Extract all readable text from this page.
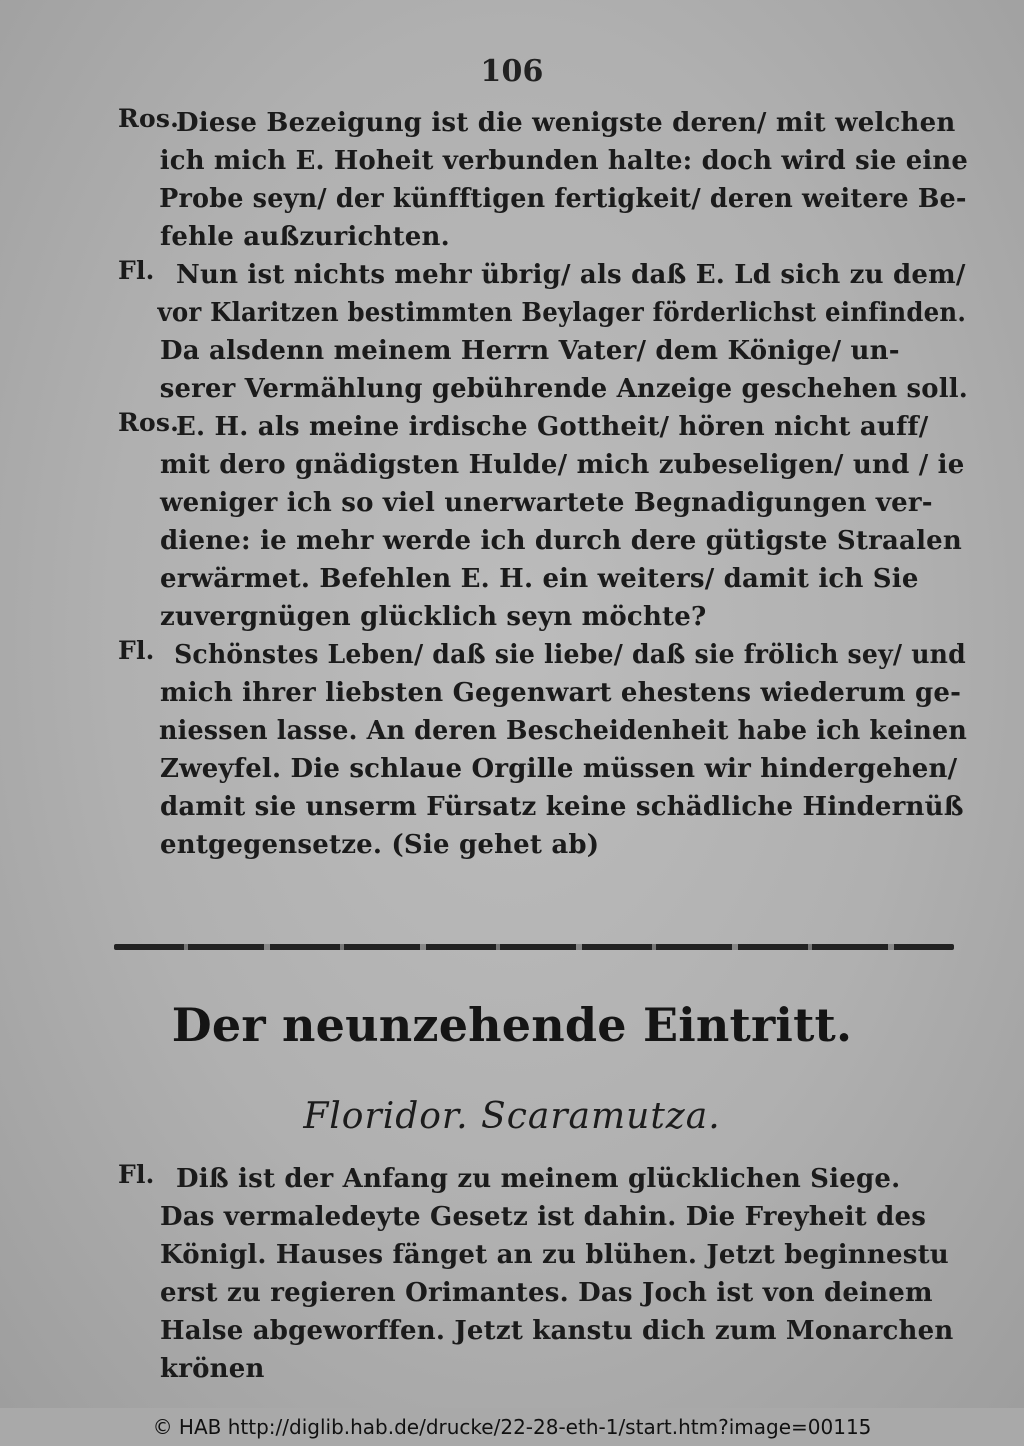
106
Ros.
Diese Bezeigung ist die wenigste deren/ mit welchen
ich mich E. Hoheit verbunden halte: doch wird sie eine
Probe seyn/ der künfftigen fertigkeit/ deren weitere Be-
fehle außzurichten.
Fl. Nun ist nichts mehr übrig/ als daß E. Ld sich zu dem/
vor Klaritzen bestimmten Beylager förderlichst einfinden.
Da alsdenn meinem Herrn Vater/ dem Könige/ un-
serer Vermählung gebührende Anzeige geschehen soll.
Ros.
E. H. als meine irdische Gottheit/ hören nicht auff/
mit dero gnädigsten Hulde/ mich zubeseligen/ und / ie
weniger ich so viel unerwartete Begnadigungen ver-
diene: ie mehr werde ich durch dere gütigste Straalen
erwärmet. Befehlen E. H. ein weiters/ damit ich Sie
zuvergnügen glücklich seyn möchte?
Fl. Schönstes Leben/ daß sie liebe/ daß sie frölich sey/ und
mich ihrer liebsten Gegenwart ehestens wiederum ge-
niessen lasse. An deren Bescheidenheit habe ich keinen
Zweyfel. Die schlaue Orgille müssen wir hindergehen/
damit sie unserm Fürsatz keine schädliche Hindernüß
entgegensetze. (Sie gehet ab)
Der neunzehende Eintritt.
Floridor. Scaramutza.
Fl. Diß ist der Anfang zu meinem glücklichen Siege.
Das vermaledeyte Gesetz ist dahin. Die Freyheit des
Königl. Hauses fänget an zu blühen. Jetzt beginnestu
erst zu regieren Orimantes. Das Joch ist von deinem
Halse abgeworffen. Jetzt kanstu dich zum Monarchen
krönen
© HAB http://diglib.hab.de/drucke/22-28-eth-1/start.htm?image=00115
